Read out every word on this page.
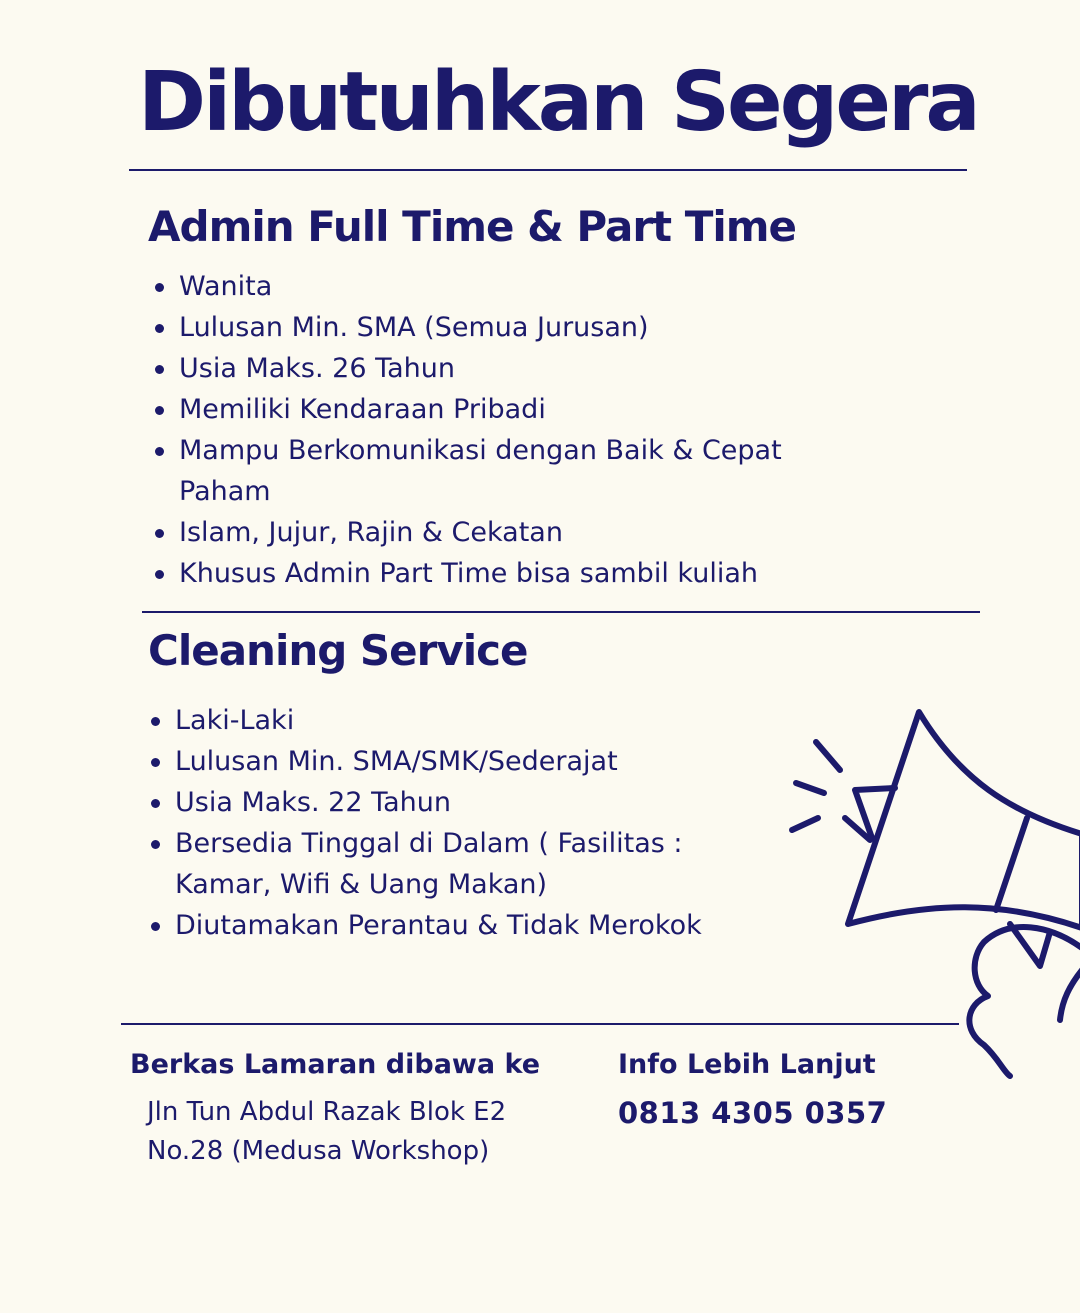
Dibutuhkan Segera
Admin Full Time & Part Time
Wanita
Lulusan Min. SMA (Semua Jurusan)
Usia Maks. 26 Tahun
Memiliki Kendaraan Pribadi
Mampu Berkomunikasi dengan Baik & Cepat Paham
Islam, Jujur, Rajin & Cekatan
Khusus Admin Part Time bisa sambil kuliah
Cleaning Service
Laki-Laki
Lulusan Min. SMA/SMK/Sederajat
Usia Maks. 22 Tahun
Bersedia Tinggal di Dalam ( Fasilitas : Kamar, Wifi & Uang Makan)
Diutamakan Perantau & Tidak Merokok
Berkas Lamaran dibawa ke
Jln Tun Abdul Razak Blok E2 No.28 (Medusa Workshop)
Info Lebih Lanjut
0813 4305 0357
